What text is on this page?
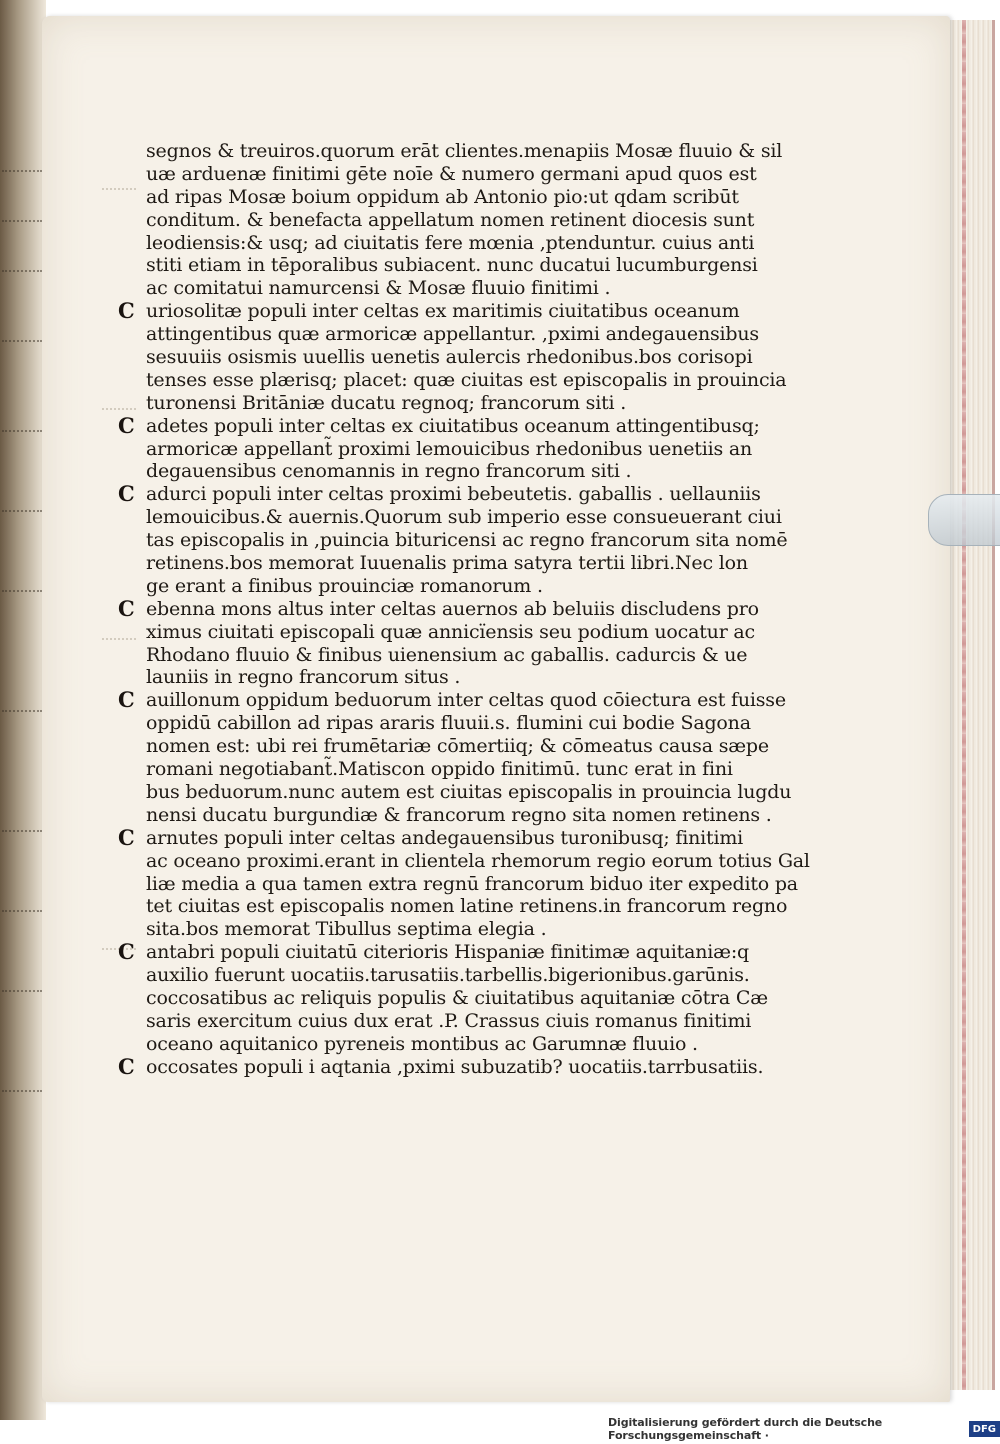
segnos & treuiros.quorum erāt clientes.menapiis Mosæ fluuio & sil
uæ arduenæ finitimi gēte noīe & numero germani apud quos est
ad ripas Mosæ boium oppidum ab Antonio pio:ut qdam scribūt
conditum. & benefacta appellatum nomen retinent diocesis sunt
leodiensis:& usq; ad ciuitatis fere mœnia ,ptenduntur. cuius anti
stiti etiam in tēporalibus subiacent. nunc ducatui lucumburgensi
ac comitatui namurcensi & Mosæ fluuio finitimi .
C uriosolitæ populi inter celtas ex maritimis ciuitatibus oceanum
attingentibus quæ armoricæ appellantur. ,pximi andegauensibus
sesuuiis osismis uuellis uenetis aulercis rhedonibus.bos corisopi
tenses esse plærisq; placet: quæ ciuitas est episcopalis in prouincia
turonensi Britāniæ ducatu regnoq; francorum siti .
C adetes populi inter celtas ex ciuitatibus oceanum attingentibusq;
armoricæ appellant̃ proximi lemouicibus rhedonibus uenetiis an
degauensibus cenomannis in regno francorum siti .
C adurci populi inter celtas proximi bebeutetis. gaballis . uellauniis
lemouicibus.& auernis.Quorum sub imperio esse consueuerant ciui
tas episcopalis in ,puincia bituricensi ac regno francorum sita nomē
retinens.bos memorat Iuuenalis prima satyra tertii libri.Nec lon
ge erant a finibus prouinciæ romanorum .
C ebenna mons altus inter celtas auernos ab beluiis discludens pro
ximus ciuitati episcopali quæ annicïensis seu podium uocatur ac
Rhodano fluuio & finibus uienensium ac gaballis. cadurcis & ue
launiis in regno francorum situs .
C auillonum oppidum beduorum inter celtas quod cōiectura est fuisse
oppidū cabillon ad ripas araris fluuii.s. flumini cui bodie Sagona
nomen est: ubi rei frumētariæ cōmertiiq; & cōmeatus causa sæpe
romani negotiabant̃.Matiscon oppido finitimū. tunc erat in fini
bus beduorum.nunc autem est ciuitas episcopalis in prouincia lugdu
nensi ducatu burgundiæ & francorum regno sita nomen retinens .
C arnutes populi inter celtas andegauensibus turonibusq; finitimi
ac oceano proximi.erant in clientela rhemorum regio eorum totius Gal
liæ media a qua tamen extra regnū francorum biduo iter expedito pa
tet ciuitas est episcopalis nomen latine retinens.in francorum regno
sita.bos memorat Tibullus septima elegia .
C antabri populi ciuitatū citerioris Hispaniæ finitimæ aquitaniæ:q
auxilio fuerunt uocatiis.tarusatiis.tarbellis.bigerionibus.garūnis.
coccosatibus ac reliquis populis & ciuitatibus aquitaniæ cōtra Cæ
saris exercitum cuius dux erat .P. Crassus ciuis romanus finitimi
oceano aquitanico pyreneis montibus ac Garumnæ fluuio .
C occosates populi i aqtania ,pximi subuzatib? uocatiis.tarrbusatiis.
Digitalisierung gefördert durch die Deutsche Forschungsgemeinschaft ·	DFG
